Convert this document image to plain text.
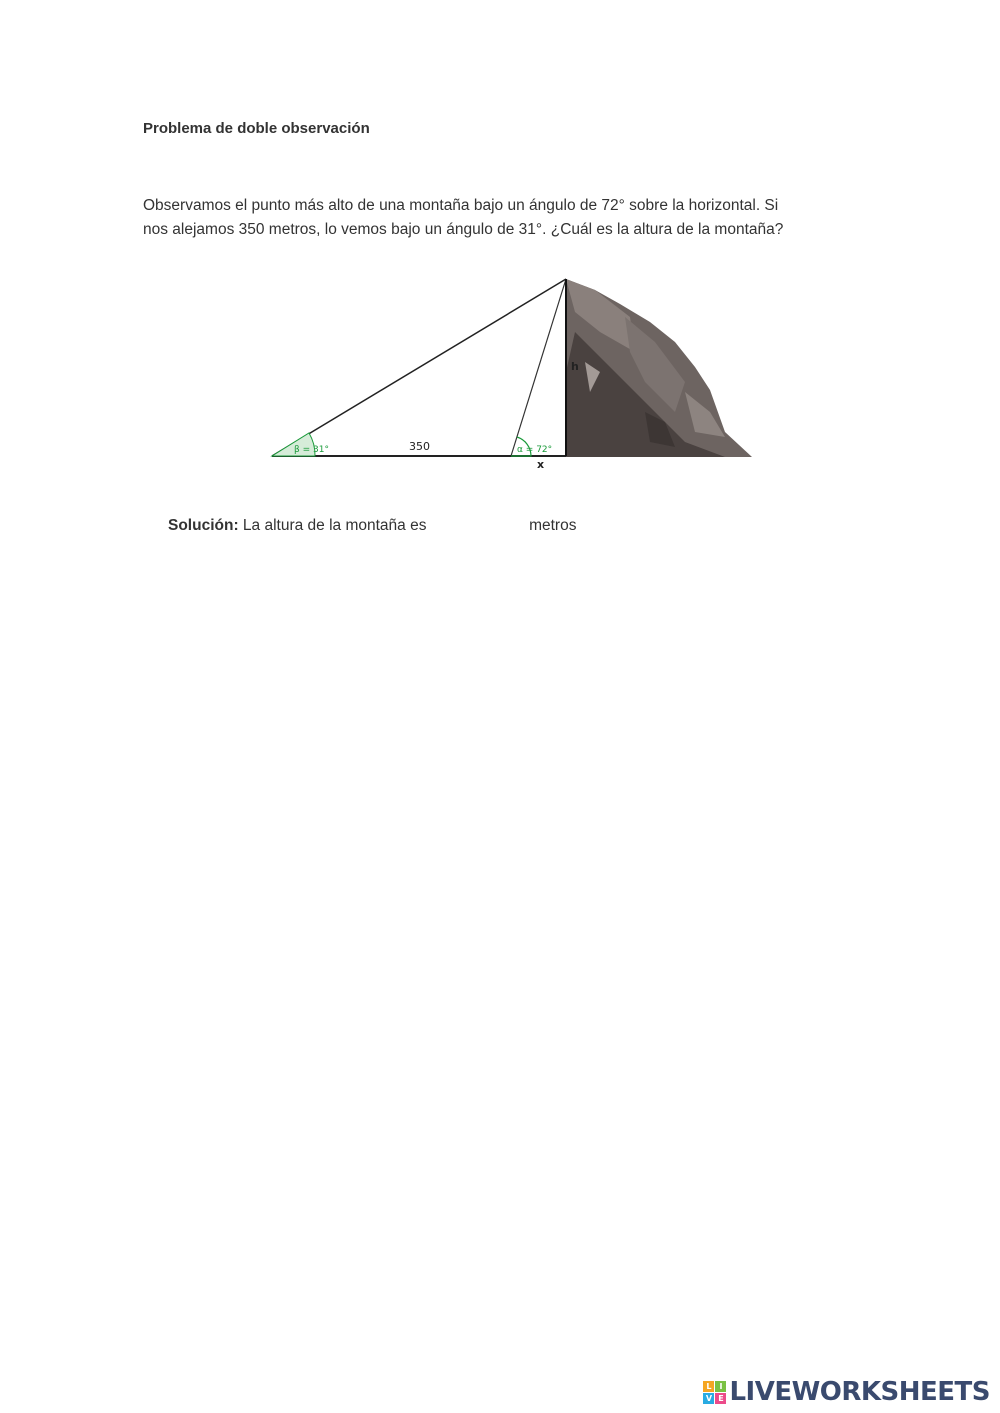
Problema de doble observación

Observamos el punto más alto de una montaña bajo un ángulo de 72° sobre la horizontal. Si

nos alejamos 350 metros, lo vemos bajo un ángulo de 31°. ¿Cuál es la altura de la montaña?

β = 31°	α = 72°
350
x
h
Solución: La altura de la montaña es	metros
L I
V E LIVEWORKSHEETS
